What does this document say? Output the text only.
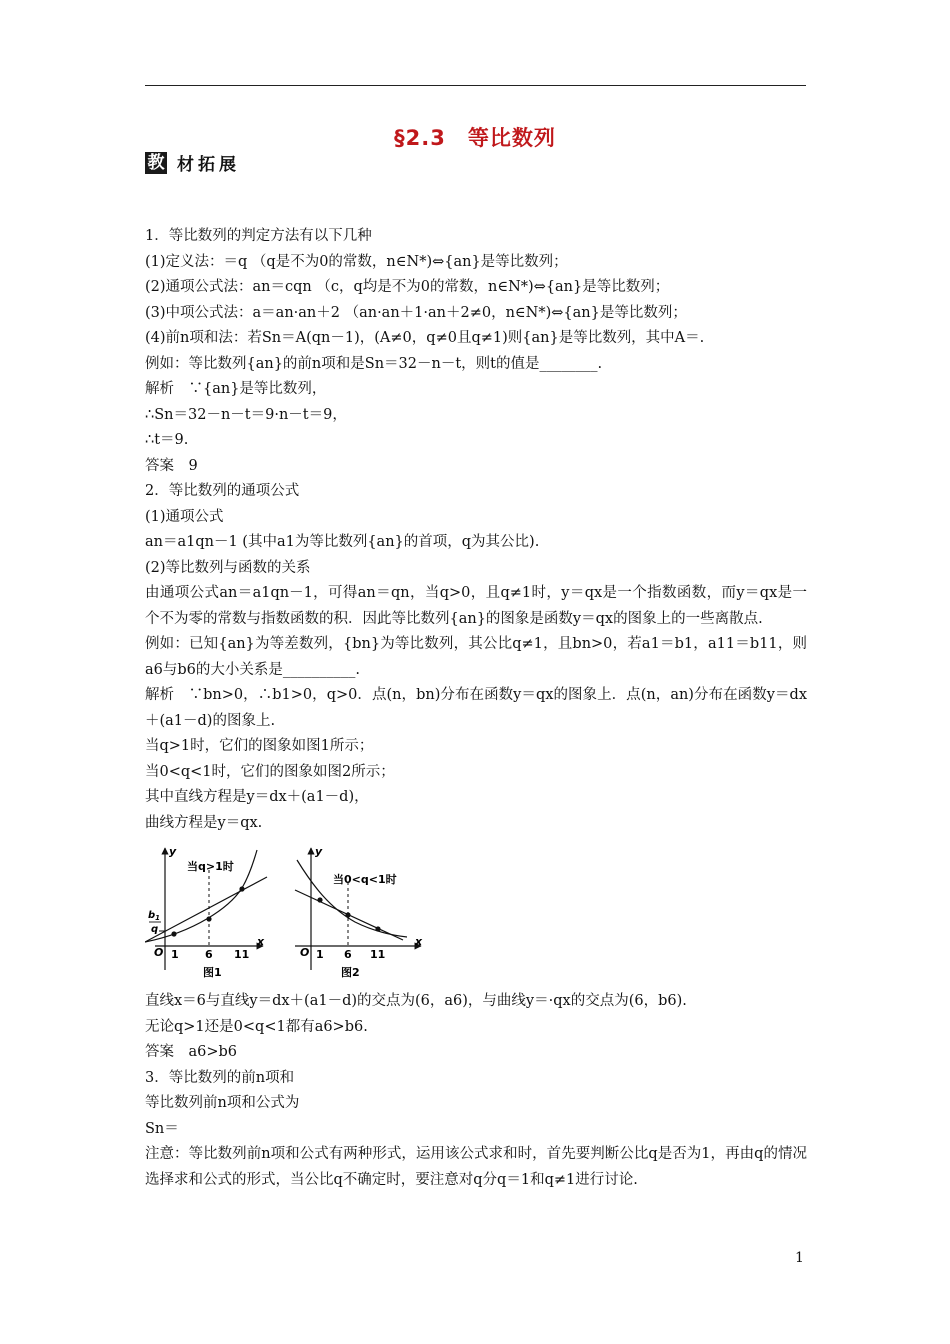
§2.3　等比数列
教 材拓展
1．等比数列的判定方法有以下几种
(1)定义法：＝q （q是不为0的常数，n∈N*)⇔{an}是等比数列；
(2)通项公式法：an＝cqn （c，q均是不为0的常数，n∈N*)⇔{an}是等比数列；
(3)中项公式法：a＝an·an＋2 （an·an＋1·an＋2≠0，n∈N*)⇔{an}是等比数列；
(4)前n项和法：若Sn＝A(qn－1)，(A≠0，q≠0且q≠1)则{an}是等比数列，其中A＝.
例如：等比数列{an}的前n项和是Sn＝32－n－t，则t的值是________.
解析　∵{an}是等比数列，
∴Sn＝32－n－t＝9·n－t＝9，
∴t＝9.
答案　9
2．等比数列的通项公式
(1)通项公式
an＝a1qn－1 (其中a1为等比数列{an}的首项，q为其公比).
(2)等比数列与函数的关系
由通项公式an＝a1qn－1，可得an＝qn，当q>0，且q≠1时，y＝qx是一个指数函数，而y＝qx是一个不为零的常数与指数函数的积．因此等比数列{an}的图象是函数y＝qx的图象上的一些离散点.
例如：已知{an}为等差数列，{bn}为等比数列，其公比q≠1，且bn>0，若a1＝b1，a11＝b11，则a6与b6的大小关系是__________.
解析　∵bn>0，∴b1>0，q>0．点(n，bn)分布在函数y＝qx的图象上．点(n，an)分布在函数y＝dx＋(a1－d)的图象上.
当q>1时，它们的图象如图1所示；
当0<q<1时，它们的图象如图2所示；
其中直线方程是y＝dx＋(a1－d)，
曲线方程是y＝qx.
直线x＝6与直线y＝dx＋(a1－d)的交点为(6，a6)，与曲线y＝·qx的交点为(6，b6).
无论q>1还是0<q<1都有a6>b6.
答案　a6>b6
3．等比数列的前n项和
等比数列前n项和公式为
Sn＝
注意：等比数列前n项和公式有两种形式，运用该公式求和时，首先要判断公比q是否为1，再由q的情况选择求和公式的形式，当公比q不确定时，要注意对q分q＝1和q≠1进行讨论.
y
x
O
当q>1时
$b_1$
q
1 6 11
图1
y
x
O
当0<q<1时
1 6 11
图2
1
